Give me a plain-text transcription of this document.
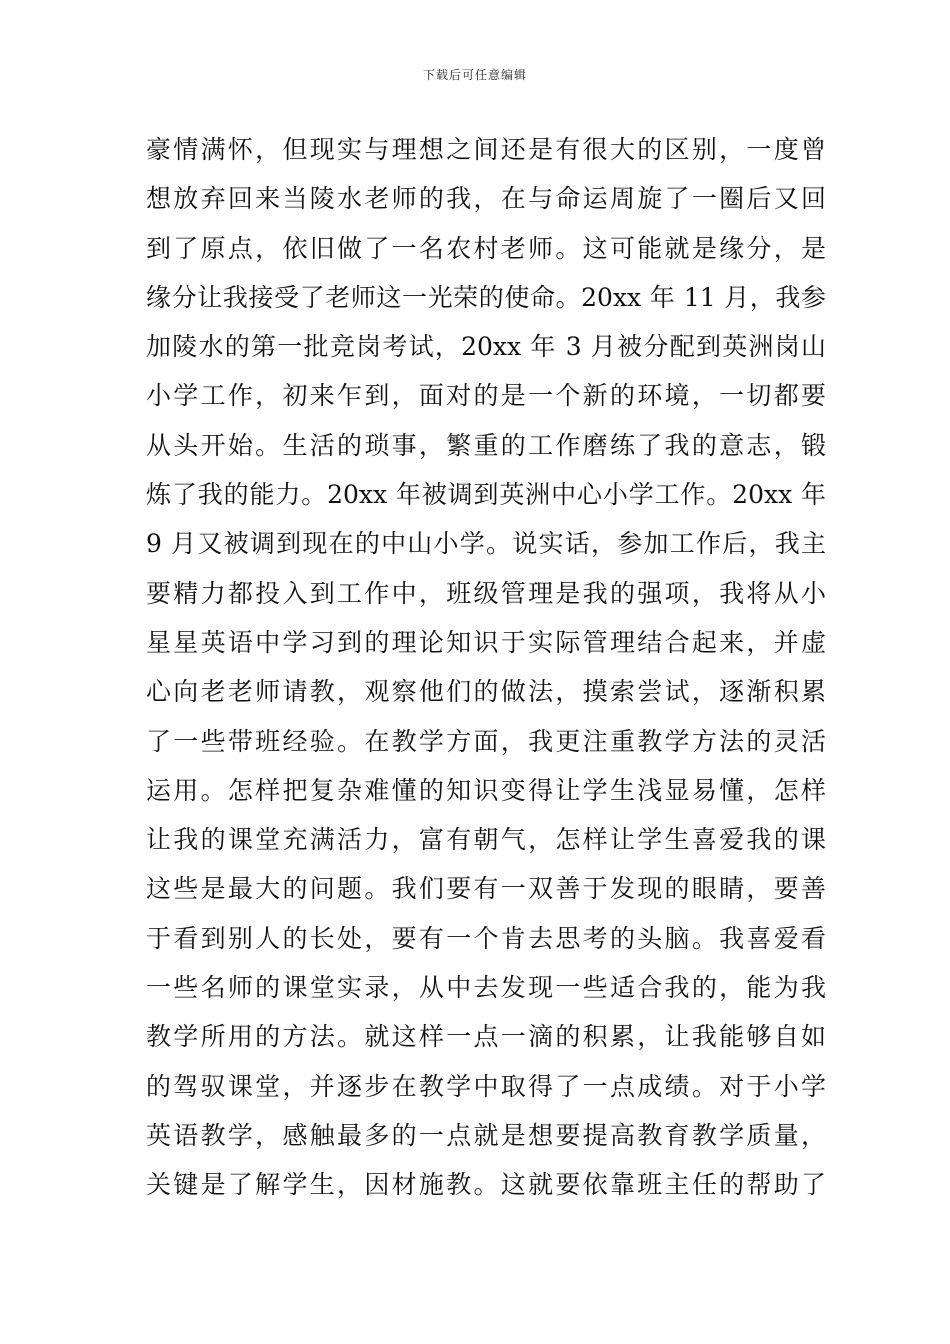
下载后可任意编辑
豪情满怀，但现实与理想之间还是有很大的区别，一度曾
想放弃回来当陵水老师的我，在与命运周旋了一圈后又回
到了原点，依旧做了一名农村老师。这可能就是缘分，是
缘分让我接受了老师这一光荣的使命。20xx 年 11 月，我参
加陵水的第一批竞岗考试，20xx 年 3 月被分配到英洲岗山
小学工作，初来乍到，面对的是一个新的环境，一切都要
从头开始。生活的琐事，繁重的工作磨练了我的意志，锻
炼了我的能力。20xx 年被调到英洲中心小学工作。20xx 年
9 月又被调到现在的中山小学。说实话，参加工作后，我主
要精力都投入到工作中，班级管理是我的强项，我将从小
星星英语中学习到的理论知识于实际管理结合起来，并虚
心向老老师请教，观察他们的做法，摸索尝试，逐渐积累
了一些带班经验。在教学方面，我更注重教学方法的灵活
运用。怎样把复杂难懂的知识变得让学生浅显易懂，怎样
让我的课堂充满活力，富有朝气，怎样让学生喜爱我的课
这些是最大的问题。我们要有一双善于发现的眼睛，要善
于看到别人的长处，要有一个肯去思考的头脑。我喜爱看
一些名师的课堂实录，从中去发现一些适合我的，能为我
教学所用的方法。就这样一点一滴的积累，让我能够自如
的驾驭课堂，并逐步在教学中取得了一点成绩。对于小学
英语教学，感触最多的一点就是想要提高教育教学质量，
关键是了解学生，因材施教。这就要依靠班主任的帮助了
